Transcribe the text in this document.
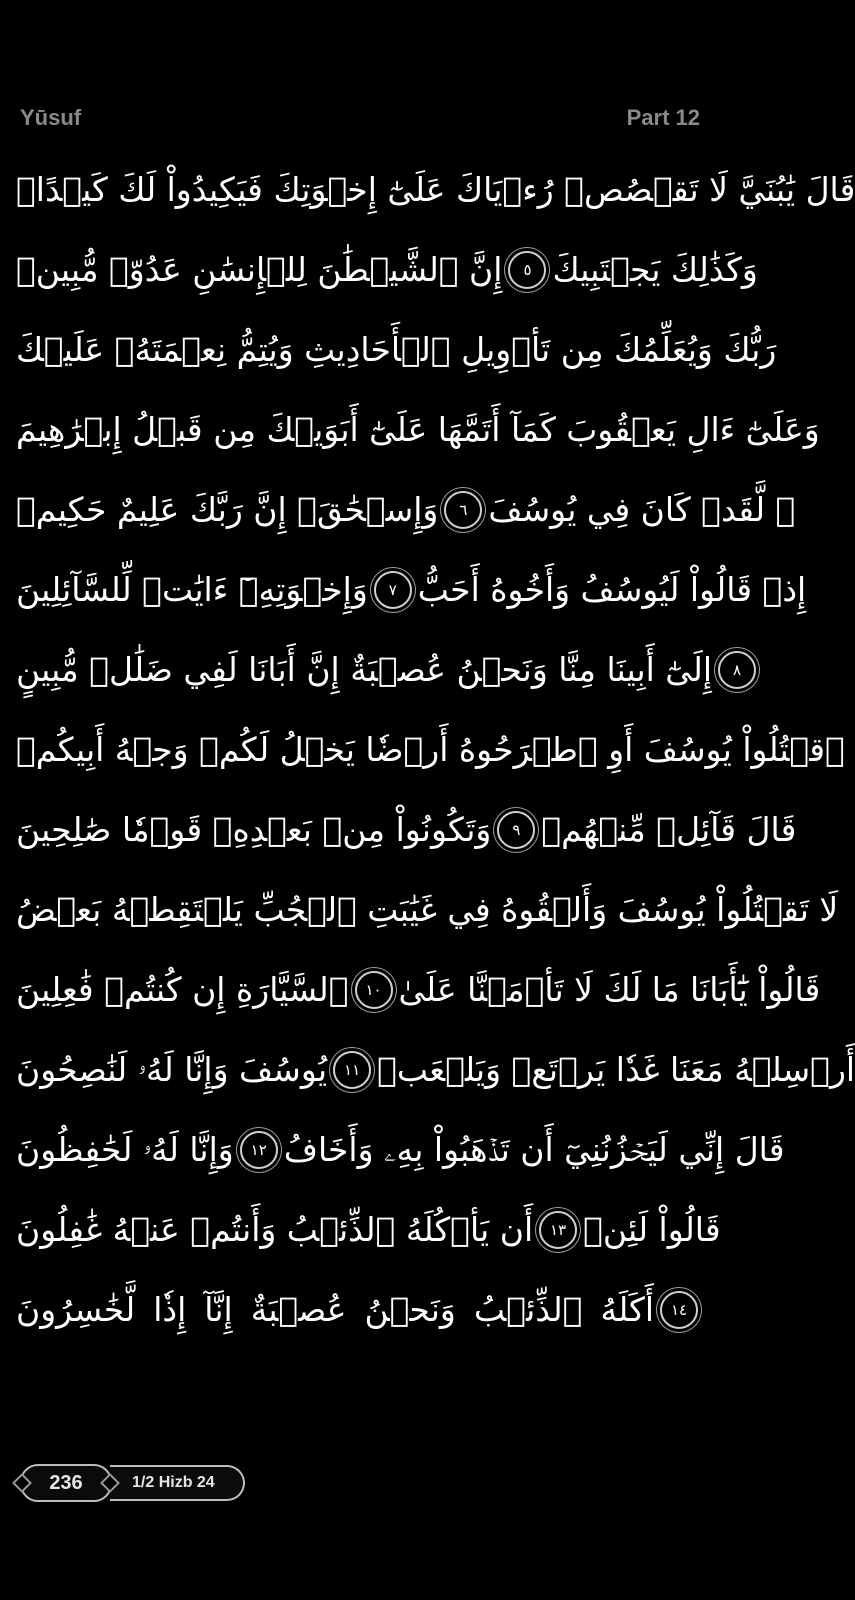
Yūsuf	Part 12
قَالَ يَٰبُنَيَّ لَا تَقۡصُصۡ رُءۡيَاكَ عَلَىٰٓ إِخۡوَتِكَ فَيَكِيدُواْ لَكَ كَيۡدًاۖ
إِنَّ ٱلشَّيۡطَٰنَ لِلۡإِنسَٰنِ عَدُوّٞ مُّبِينٞ	٥ وَكَذَٰلِكَ يَجۡتَبِيكَ
رَبُّكَ وَيُعَلِّمُكَ مِن تَأۡوِيلِ ٱلۡأَحَادِيثِ وَيُتِمُّ نِعۡمَتَهُۥ عَلَيۡكَ
وَعَلَىٰٓ ءَالِ يَعۡقُوبَ كَمَآ أَتَمَّهَا عَلَىٰٓ أَبَوَيۡكَ مِن قَبۡلُ إِبۡرَٰهِيمَ
وَإِسۡحَٰقَۚ إِنَّ رَبَّكَ عَلِيمٌ حَكِيمٞ	٦ ۞ لَّقَدۡ كَانَ فِي يُوسُفَ
وَإِخۡوَتِهِۦٓ ءَايَٰتٞ لِّلسَّآئِلِينَ	٧ إِذۡ قَالُواْ لَيُوسُفُ وَأَخُوهُ أَحَبُّ
إِلَىٰٓ أَبِينَا مِنَّا وَنَحۡنُ عُصۡبَةٌ إِنَّ أَبَانَا لَفِي ضَلَٰلٖ مُّبِينٍ	٨
ٱقۡتُلُواْ يُوسُفَ أَوِ ٱطۡرَحُوهُ أَرۡضٗا يَخۡلُ لَكُمۡ وَجۡهُ أَبِيكُمۡ
وَتَكُونُواْ مِنۢ بَعۡدِهِۦ قَوۡمٗا صَٰلِحِينَ	٩ قَالَ قَآئِلٞ مِّنۡهُمۡ
لَا تَقۡتُلُواْ يُوسُفَ وَأَلۡقُوهُ فِي غَيَٰبَتِ ٱلۡجُبِّ يَلۡتَقِطۡهُ بَعۡضُ
ٱلسَّيَّارَةِ إِن كُنتُمۡ فَٰعِلِينَ	١٠ قَالُواْ يَٰٓأَبَانَا مَا لَكَ لَا تَأۡمَ۫نَّا عَلَىٰ
يُوسُفَ وَإِنَّا لَهُۥ لَنَٰصِحُونَ	١١ أَرۡسِلۡهُ مَعَنَا غَدٗا يَرۡتَعۡ وَيَلۡعَبۡ
وَإِنَّا لَهُۥ لَحَٰفِظُونَ	١٢ قَالَ إِنِّي لَيَحۡزُنُنِيٓ أَن تَذۡهَبُواْ بِهِۦ وَأَخَافُ
أَن يَأۡكُلَهُ ٱلذِّئۡبُ وَأَنتُمۡ عَنۡهُ غَٰفِلُونَ	١٣ قَالُواْ لَئِنۡ
أَكَلَهُ ٱلذِّئۡبُ وَنَحۡنُ عُصۡبَةٌ إِنَّآ إِذٗا لَّخَٰسِرُونَ	١٤
236	1/2 Hizb 24
